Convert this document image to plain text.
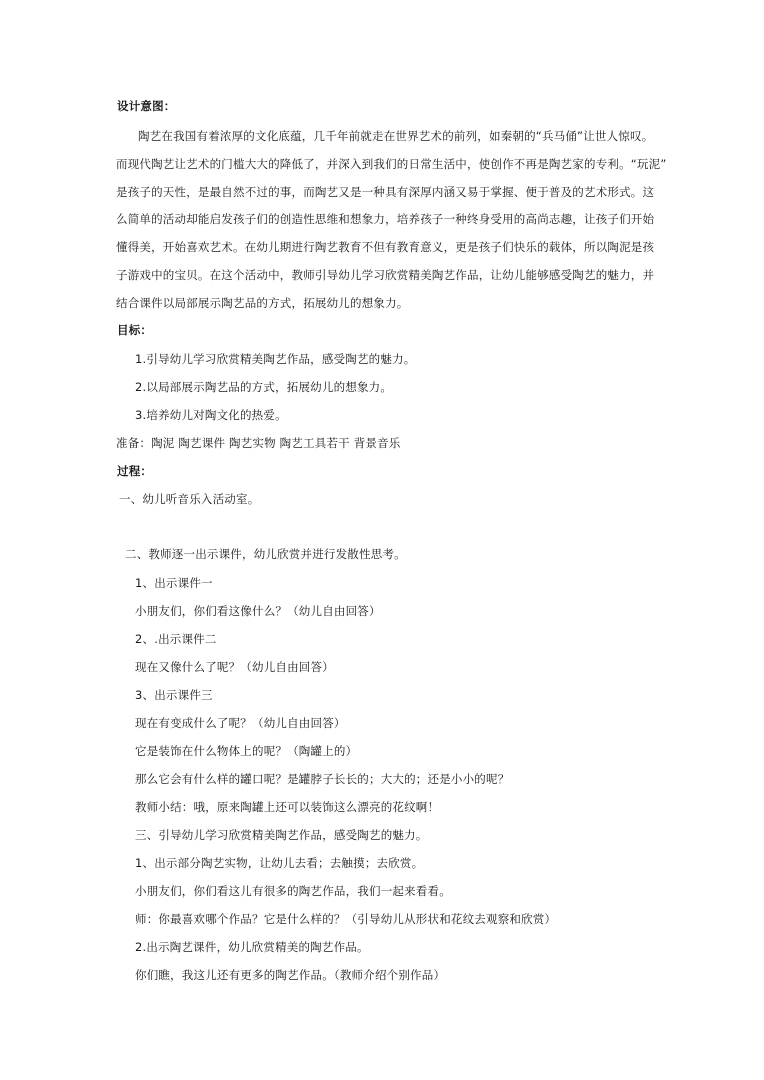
设计意图：
陶艺在我国有着浓厚的文化底蕴，几千年前就走在世界艺术的前列，如秦朝的“兵马俑”让世人惊叹。
而现代陶艺让艺术的门槛大大的降低了，并深入到我们的日常生活中，使创作不再是陶艺家的专利。“玩泥”
是孩子的天性，是最自然不过的事，而陶艺又是一种具有深厚内涵又易于掌握、便于普及的艺术形式。这
么简单的活动却能启发孩子们的创造性思维和想象力，培养孩子一种终身受用的高尚志趣，让孩子们开始
懂得美，开始喜欢艺术。在幼儿期进行陶艺教育不但有教育意义，更是孩子们快乐的载体，所以陶泥是孩
子游戏中的宝贝。在这个活动中，教师引导幼儿学习欣赏精美陶艺作品，让幼儿能够感受陶艺的魅力，并
结合课件以局部展示陶艺品的方式，拓展幼儿的想象力。
目标：
1.引导幼儿学习欣赏精美陶艺作品，感受陶艺的魅力。
2.以局部展示陶艺品的方式，拓展幼儿的想象力。
3.培养幼儿对陶文化的热爱。
准备：陶泥 陶艺课件 陶艺实物 陶艺工具若干 背景音乐
过程：
一、幼儿听音乐入活动室。
二、教师逐一出示课件，幼儿欣赏并进行发散性思考。
1、出示课件一
小朋友们，你们看这像什么？（幼儿自由回答）
2、.出示课件二
现在又像什么了呢？（幼儿自由回答）
3、出示课件三
现在有变成什么了呢？（幼儿自由回答）
它是装饰在什么物体上的呢？（陶罐上的）
那么它会有什么样的罐口呢？是罐脖子长长的；大大的；还是小小的呢？
教师小结：哦，原来陶罐上还可以装饰这么漂亮的花纹啊！
三、引导幼儿学习欣赏精美陶艺作品，感受陶艺的魅力。
1、出示部分陶艺实物，让幼儿去看；去触摸；去欣赏。
小朋友们，你们看这儿有很多的陶艺作品，我们一起来看看。
师：你最喜欢哪个作品？它是什么样的？（引导幼儿从形状和花纹去观察和欣赏）
2.出示陶艺课件，幼儿欣赏精美的陶艺作品。
你们瞧，我这儿还有更多的陶艺作品。（教师介绍个别作品）
